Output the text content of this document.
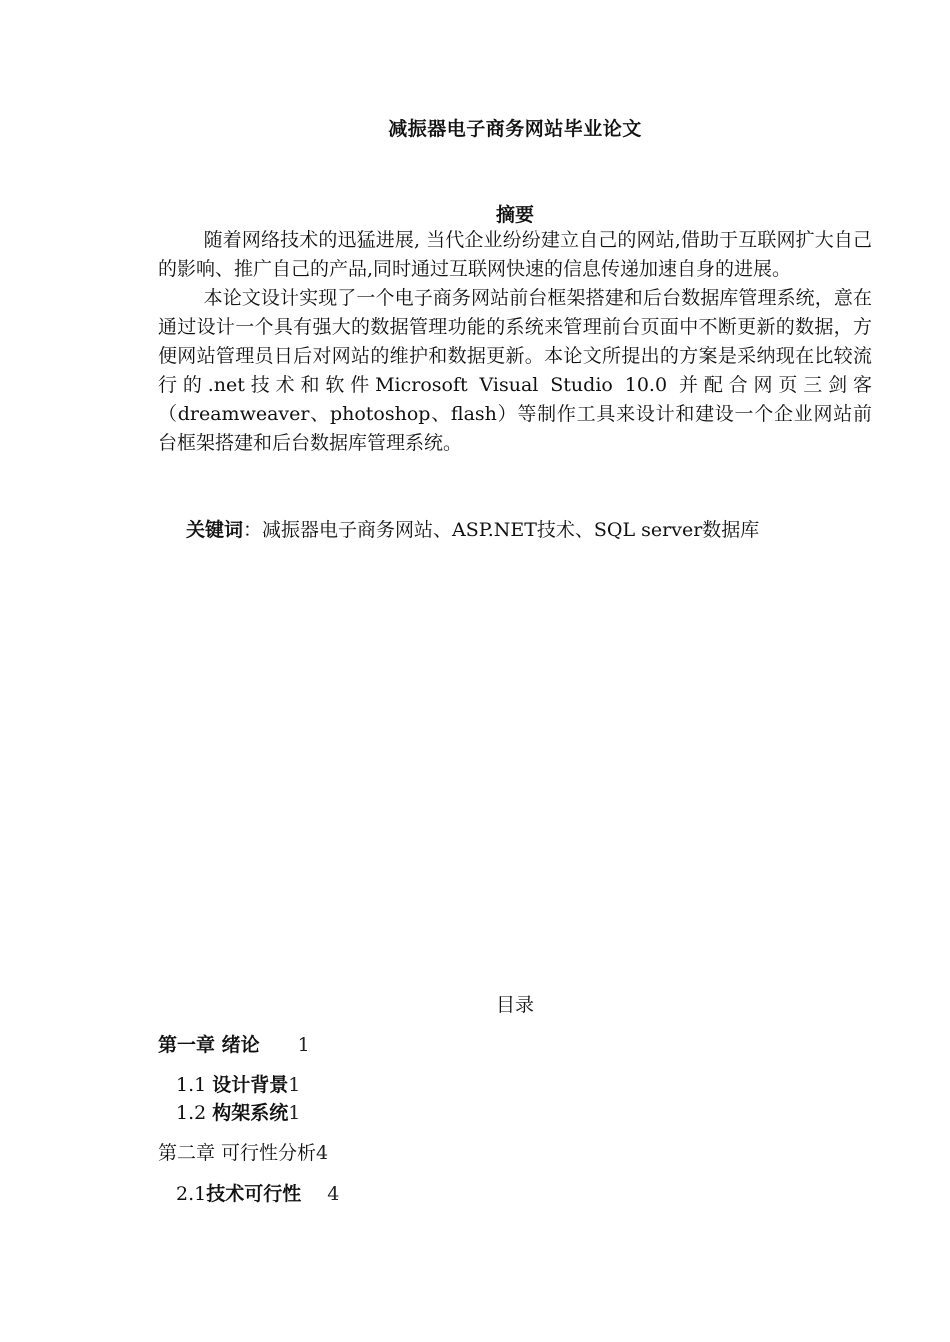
减振器电子商务网站毕业论文
摘要

随着网络技术的迅猛进展, 当代企业纷纷建立自己的网站,借助于互联网扩大自己的影响、推广自己的产品,同时通过互联网快速的信息传递加速自身的进展。

本论文设计实现了一个电子商务网站前台框架搭建和后台数据库管理系统，意在通过设计一个具有强大的数据管理功能的系统来管理前台页面中不断更新的数据，方便网站管理员日后对网站的维护和数据更新。本论文所提出的方案是采纳现在比较流行的.net技术和软件Microsoft Visual Studio 10.0 并配合网页三剑客（dreamweaver、photoshop、flash）等制作工具来设计和建设一个企业网站前台框架搭建和后台数据库管理系统。

关键词：减振器电子商务网站、ASP.NET技术、SQL server数据库
目录
第一章 绪论 1
1.1 设计背景1
1.2 构架系统1
第二章 可行性分析4
2.1技术可行性 4
